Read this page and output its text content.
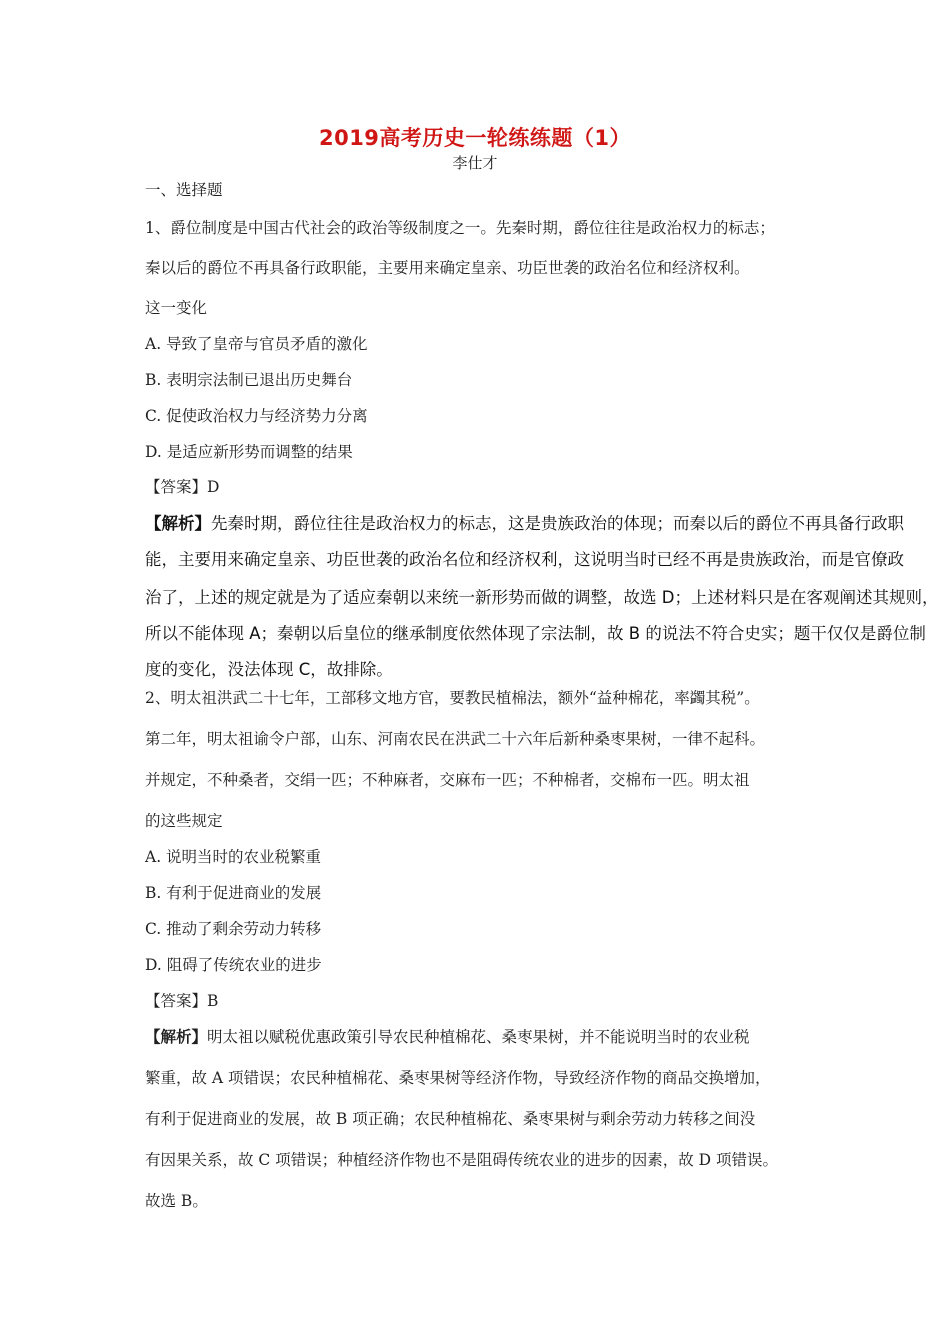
2019高考历史一轮练练题（1）
李仕才
一、选择题
1、爵位制度是中国古代社会的政治等级制度之一。先秦时期，爵位往往是政治权力的标志；
秦以后的爵位不再具备行政职能，主要用来确定皇亲、功臣世袭的政治名位和经济权利。
这一变化
A. 导致了皇帝与官员矛盾的激化
B. 表明宗法制已退出历史舞台
C. 促使政治权力与经济势力分离
D. 是适应新形势而调整的结果
【答案】D
【解析】先秦时期，爵位往往是政治权力的标志，这是贵族政治的体现；而秦以后的爵位不再具备行政职
能，主要用来确定皇亲、功臣世袭的政治名位和经济权利，这说明当时已经不再是贵族政治，而是官僚政
治了，上述的规定就是为了适应秦朝以来统一新形势而做的调整，故选 D；上述材料只是在客观阐述其规则，
所以不能体现 A；秦朝以后皇位的继承制度依然体现了宗法制，故 B 的说法不符合史实；题干仅仅是爵位制
度的变化，没法体现 C，故排除。
2、明太祖洪武二十七年，工部移文地方官，要教民植棉法，额外“益种棉花，率蠲其税”。
第二年，明太祖谕令户部，山东、河南农民在洪武二十六年后新种桑枣果树，一律不起科。
并规定，不种桑者，交绢一匹；不种麻者，交麻布一匹；不种棉者，交棉布一匹。明太祖
的这些规定
A. 说明当时的农业税繁重
B. 有利于促进商业的发展
C. 推动了剩余劳动力转移
D. 阻碍了传统农业的进步
【答案】B
【解析】明太祖以赋税优惠政策引导农民种植棉花、桑枣果树，并不能说明当时的农业税
繁重，故 A 项错误；农民种植棉花、桑枣果树等经济作物，导致经济作物的商品交换增加，
有利于促进商业的发展，故 B 项正确；农民种植棉花、桑枣果树与剩余劳动力转移之间没
有因果关系，故 C 项错误；种植经济作物也不是阻碍传统农业的进步的因素，故 D 项错误。
故选 B。
